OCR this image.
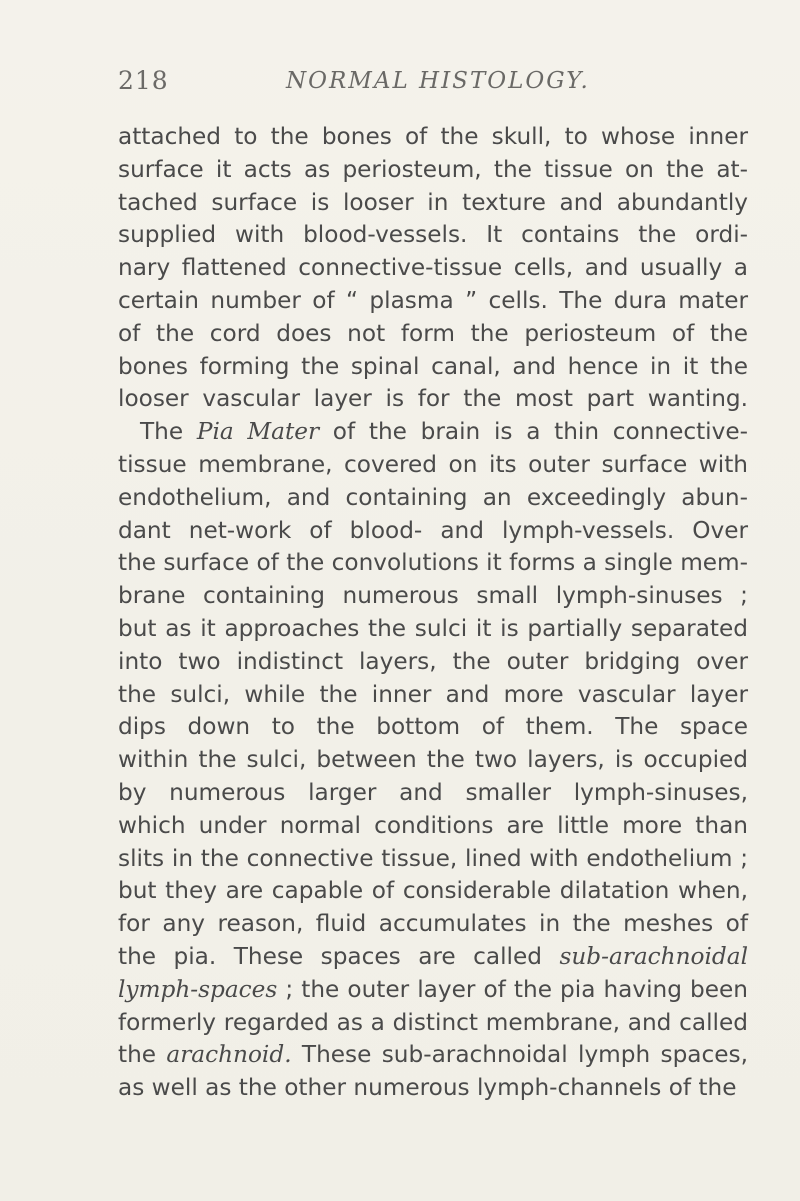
218	NORMAL HISTOLOGY.
attached to the bones of the skull, to whose inner
surface it acts as periosteum, the tissue on the at-
tached surface is looser in texture and abundantly
supplied with blood-vessels. It contains the ordi-
nary flattened connective-tissue cells, and usually a
certain number of “ plasma ” cells. The dura mater
of the cord does not form the periosteum of the
bones forming the spinal canal, and hence in it the
looser vascular layer is for the most part wanting.
The Pia Mater of the brain is a thin connective-
tissue membrane, covered on its outer surface with
endothelium, and containing an exceedingly abun-
dant net-work of blood- and lymph-vessels. Over
the surface of the convolutions it forms a single mem-
brane containing numerous small lymph-sinuses ;
but as it approaches the sulci it is partially separated
into two indistinct layers, the outer bridging over
the sulci, while the inner and more vascular layer
dips down to the bottom of them. The space
within the sulci, between the two layers, is occupied
by numerous larger and smaller lymph-sinuses,
which under normal conditions are little more than
slits in the connective tissue, lined with endothelium ;
but they are capable of considerable dilatation when,
for any reason, fluid accumulates in the meshes of
the pia. These spaces are called sub-arachnoidal
lymph-spaces ; the outer layer of the pia having been
formerly regarded as a distinct membrane, and called
the arachnoid. These sub-arachnoidal lymph spaces,
as well as the other numerous lymph-channels of the
